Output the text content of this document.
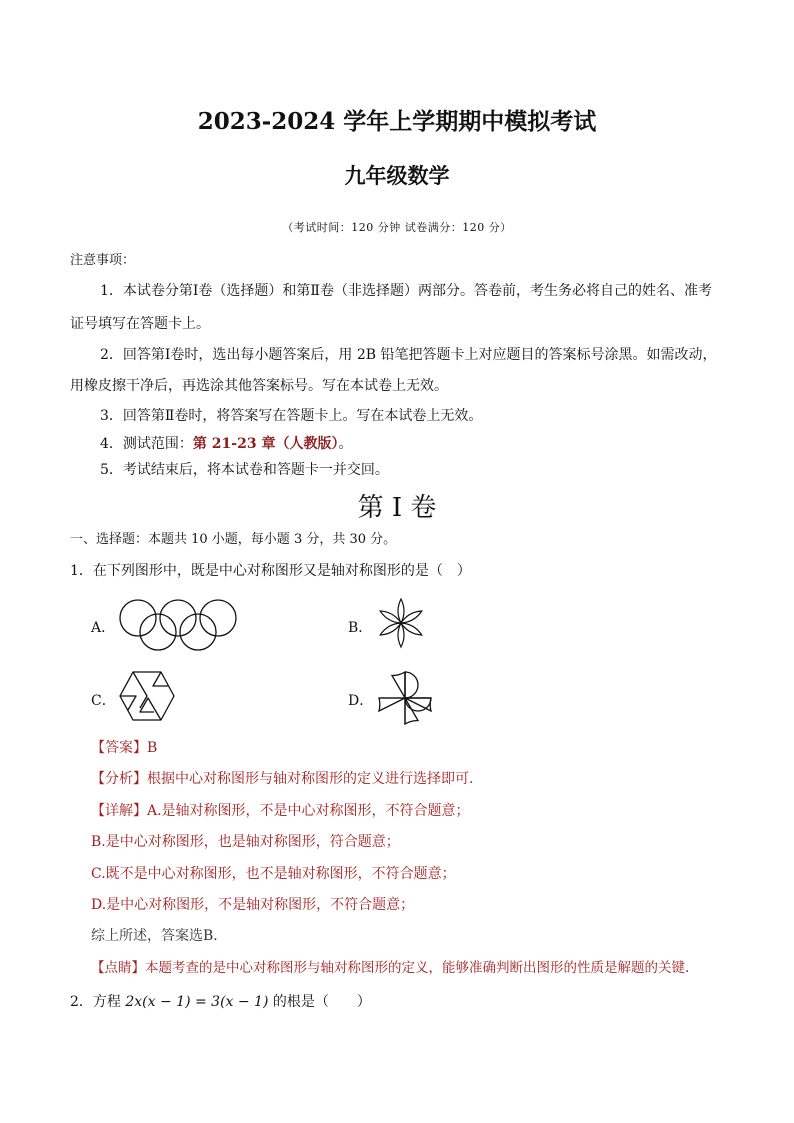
2023-2024 学年上学期期中模拟考试
九年级数学
（考试时间：120 分钟 试卷满分：120 分）
注意事项：
1．本试卷分第Ⅰ卷（选择题）和第Ⅱ卷（非选择题）两部分。答卷前，考生务必将自己的姓名、准考
证号填写在答题卡上。
2．回答第Ⅰ卷时，选出每小题答案后，用 2B 铅笔把答题卡上对应题目的答案标号涂黑。如需改动，
用橡皮擦干净后，再选涂其他答案标号。写在本试卷上无效。
3．回答第Ⅱ卷时，将答案写在答题卡上。写在本试卷上无效。
4．测试范围：第 21-23 章（人教版）。
5．考试结束后，将本试卷和答题卡一并交回。
第 I 卷
一、选择题：本题共 10 小题，每小题 3 分，共 30 分。
1．在下列图形中，既是中心对称图形又是轴对称图形的是（　）
A．	B．
C．	D．
【答案】B
【分析】根据中心对称图形与轴对称图形的定义进行选择即可.
【详解】A.是轴对称图形，不是中心对称图形，不符合题意；
B.是中心对称图形，也是轴对称图形，符合题意；
C.既不是中心对称图形，也不是轴对称图形，不符合题意；
D.是中心对称图形，不是轴对称图形，不符合题意；
综上所述，答案选B.
【点睛】本题考查的是中心对称图形与轴对称图形的定义，能够准确判断出图形的性质是解题的关键.
2．方程 2x(x − 1) = 3(x − 1) 的根是（　　）
